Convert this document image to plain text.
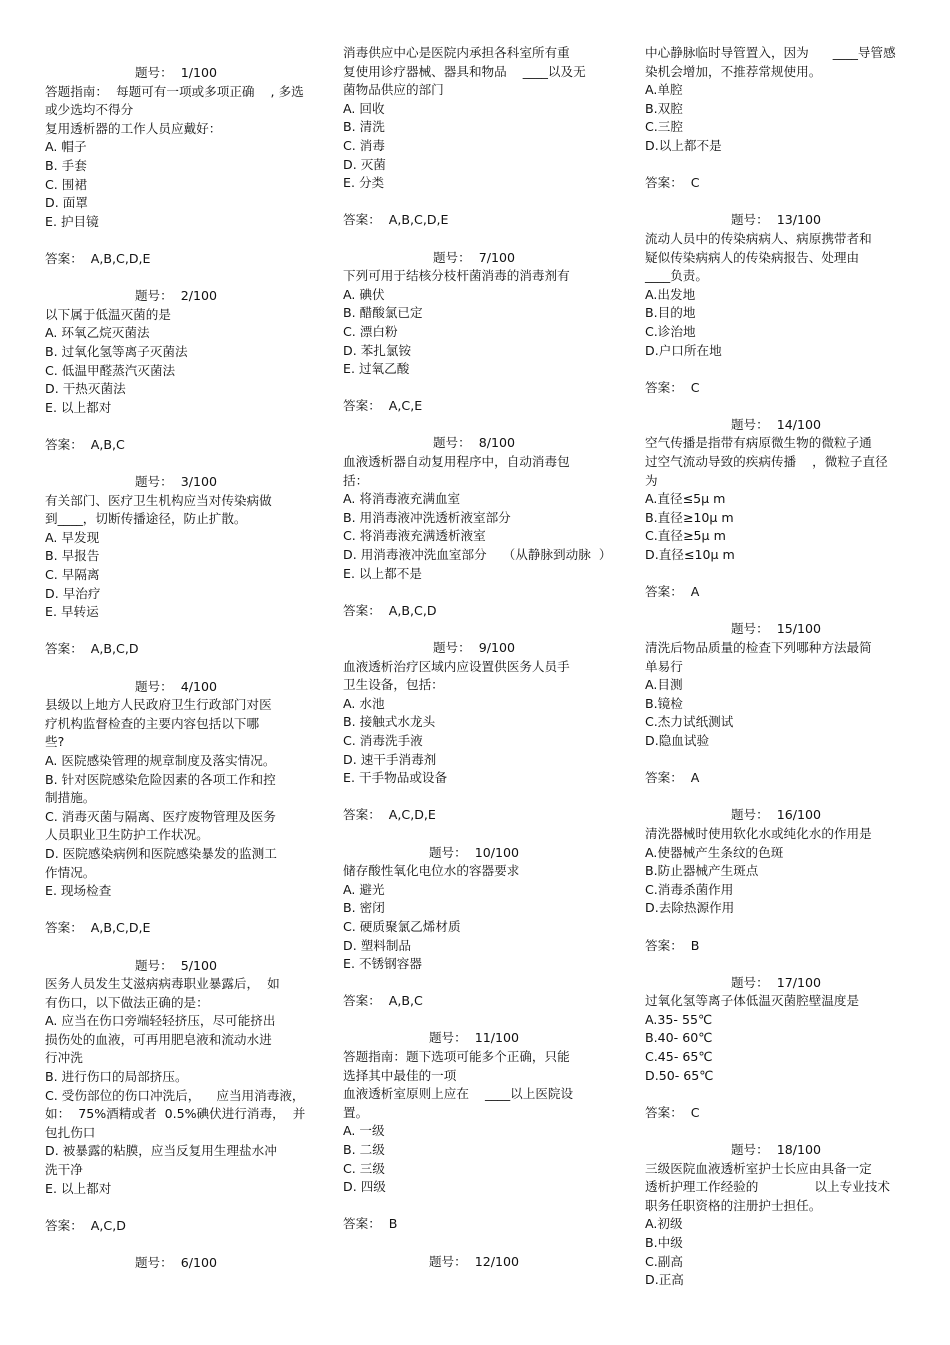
题号：  1/100
答题指南：  每题可有一项或多项正确    , 多选
或少选均不得分
复用透析器的工作人员应戴好：
A. 帽子
B. 手套
C. 围裙
D. 面罩
E. 护目镜
答案：  A,B,C,D,E
题号：  2/100
以下属于低温灭菌的是
A. 环氧乙烷灭菌法
B. 过氧化氢等离子灭菌法
C. 低温甲醛蒸汽灭菌法
D. 干热灭菌法
E. 以上都对
答案：  A,B,C
题号：  3/100
有关部门、医疗卫生机构应当对传染病做
到____，切断传播途径，防止扩散。
A. 早发现
B. 早报告
C. 早隔离
D. 早治疗
E. 早转运
答案：  A,B,C,D
题号：  4/100
县级以上地方人民政府卫生行政部门对医
疗机构监督检查的主要内容包括以下哪
些?
A. 医院感染管理的规章制度及落实情况。
B. 针对医院感染危险因素的各项工作和控
制措施。
C. 消毒灭菌与隔离、医疗废物管理及医务
人员职业卫生防护工作状况。
D. 医院感染病例和医院感染暴发的监测工
作情况。
E. 现场检查
答案：  A,B,C,D,E
题号：  5/100
医务人员发生艾滋病病毒职业暴露后，  如
有伤口，以下做法正确的是：
A. 应当在伤口旁端轻轻挤压，尽可能挤出
损伤处的血液，可再用肥皂液和流动水进
行冲洗
B. 进行伤口的局部挤压。
C. 受伤部位的伤口冲洗后，    应当用消毒液，
如：  75%酒精或者  0.5%碘伏进行消毒，  并
包扎伤口
D. 被暴露的粘膜，应当反复用生理盐水冲
洗干净
E. 以上都对
答案：  A,C,D
题号：  6/100
消毒供应中心是医院内承担各科室所有重
复使用诊疗器械、器具和物品    ____以及无
菌物品供应的部门
A. 回收
B. 清洗
C. 消毒
D. 灭菌
E. 分类
答案：  A,B,C,D,E
题号：  7/100
下列可用于结核分枝杆菌消毒的消毒剂有
A. 碘伏
B. 醋酸氯已定
C. 漂白粉
D. 苯扎氯铵
E. 过氧乙酸
答案：  A,C,E
题号：  8/100
血液透析器自动复用程序中，自动消毒包
括：
A. 将消毒液充满血室
B. 用消毒液冲洗透析液室部分
C. 将消毒液充满透析液室
D. 用消毒液冲洗血室部分    （从静脉到动脉  ）
E. 以上都不是
答案：  A,B,C,D
题号：  9/100
血液透析治疗区域内应设置供医务人员手
卫生设备，包括：
A. 水池
B. 接触式水龙头
C. 消毒洗手液
D. 速干手消毒剂
E. 干手物品或设备
答案：  A,C,D,E
题号：  10/100
储存酸性氧化电位水的容器要求
A. 避光
B. 密闭
C. 硬质聚氯乙烯材质
D. 塑料制品
E. 不锈钢容器
答案：  A,B,C
题号：  11/100
答题指南：题下选项可能多个正确，只能
选择其中最佳的一项
血液透析室原则上应在    ____以上医院设
置。
A. 一级
B. 二级
C. 三级
D. 四级
答案：  B
题号：  12/100
中心静脉临时导管置入，因为      ____导管感
染机会增加，不推荐常规使用。
A.单腔
B.双腔
C.三腔
D.以上都不是
答案：  C
题号：  13/100
流动人员中的传染病病人、病原携带者和
疑似传染病病人的传染病报告、处理由
____负责。
A.出发地
B.目的地
C.诊治地
D.户口所在地
答案：  C
题号：  14/100
空气传播是指带有病原微生物的微粒子通
过空气流动导致的疾病传播    ，微粒子直径
为
A.直径≤5μ m
B.直径≥10μ m
C.直径≥5μ m
D.直径≤10μ m
答案：  A
题号：  15/100
清洗后物品质量的检查下列哪种方法最简
单易行
A.目测
B.镜检
C.杰力试纸测试
D.隐血试验
答案：  A
题号：  16/100
清洗器械时使用软化水或纯化水的作用是
A.使器械产生条纹的色斑
B.防止器械产生斑点
C.消毒杀菌作用
D.去除热源作用
答案：  B
题号：  17/100
过氧化氢等离子体低温灭菌腔壁温度是
A.35- 55℃
B.40- 60℃
C.45- 65℃
D.50- 65℃
答案：  C
题号：  18/100
三级医院血液透析室护士长应由具备一定
透析护理工作经验的              以上专业技术
职务任职资格的注册护士担任。
A.初级
B.中级
C.副高
D.正高
